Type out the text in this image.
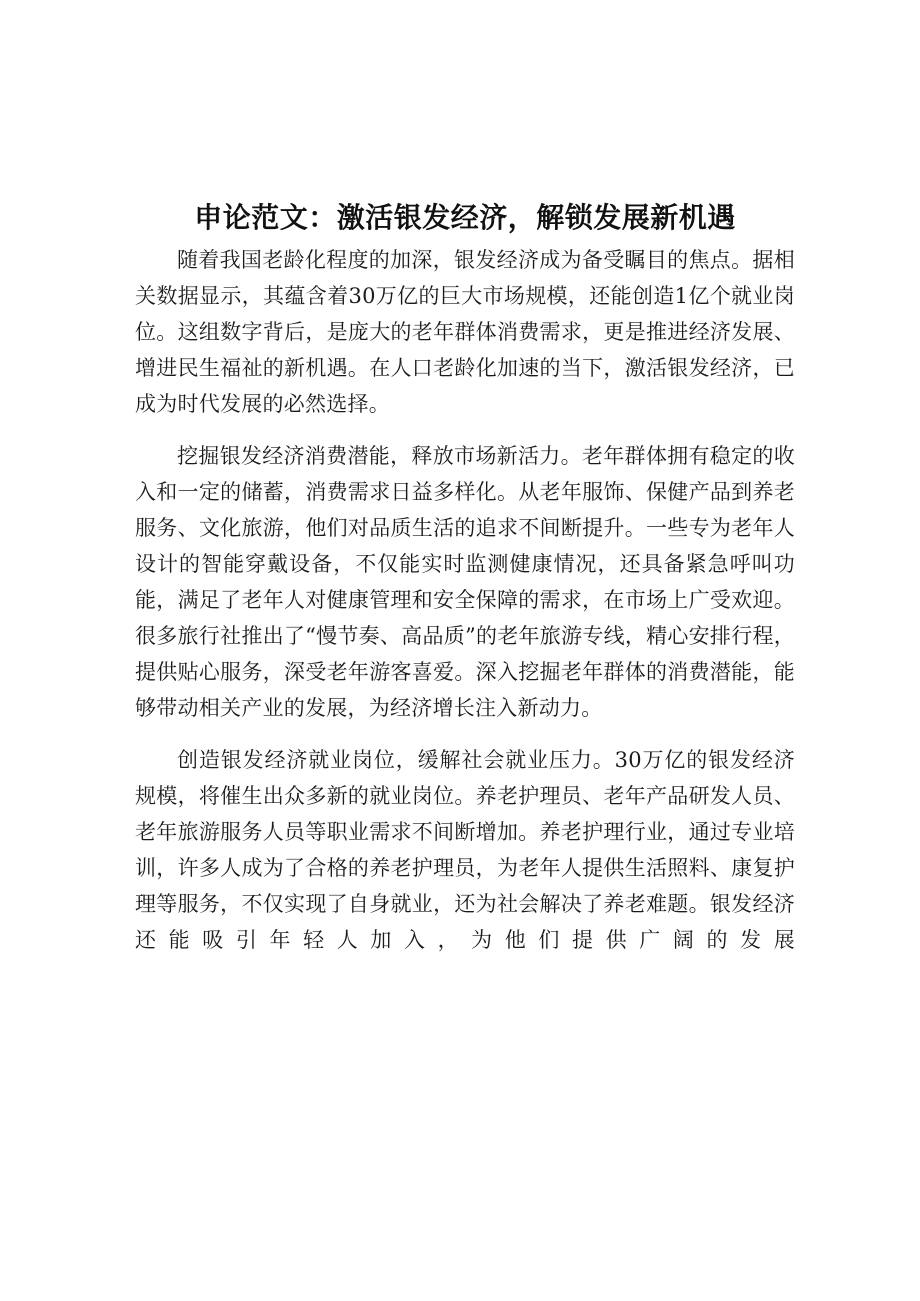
申论范文：激活银发经济，解锁发展新机遇

随着我国老龄化程度的加深，银发经济成为备受瞩目的焦点。据相关数据显示，其蕴含着30万亿的巨大市场规模，还能创造1亿个就业岗位。这组数字背后，是庞大的老年群体消费需求，更是推进经济发展、增进民生福祉的新机遇。在人口老龄化加速的当下，激活银发经济，已成为时代发展的必然选择。

挖掘银发经济消费潜能，释放市场新活力。老年群体拥有稳定的收入和一定的储蓄，消费需求日益多样化。从老年服饰、保健产品到养老服务、文化旅游，他们对品质生活的追求不间断提升。一些专为老年人设计的智能穿戴设备，不仅能实时监测健康情况，还具备紧急呼叫功能，满足了老年人对健康管理和安全保障的需求，在市场上广受欢迎。很多旅行社推出了“慢节奏、高品质”的老年旅游专线，精心安排行程，提供贴心服务，深受老年游客喜爱。深入挖掘老年群体的消费潜能，能够带动相关产业的发展，为经济增长注入新动力。

创造银发经济就业岗位，缓解社会就业压力。30万亿的银发经济规模，将催生出众多新的就业岗位。养老护理员、老年产品研发人员、老年旅游服务人员等职业需求不间断增加。养老护理行业，通过专业培训，许多人成为了合格的养老护理员，为老年人提供生活照料、康复护理等服务，不仅实现了自身就业，还为社会解决了养老难题。银发经济还能吸引年轻人加入，为他们提供广阔的发展
